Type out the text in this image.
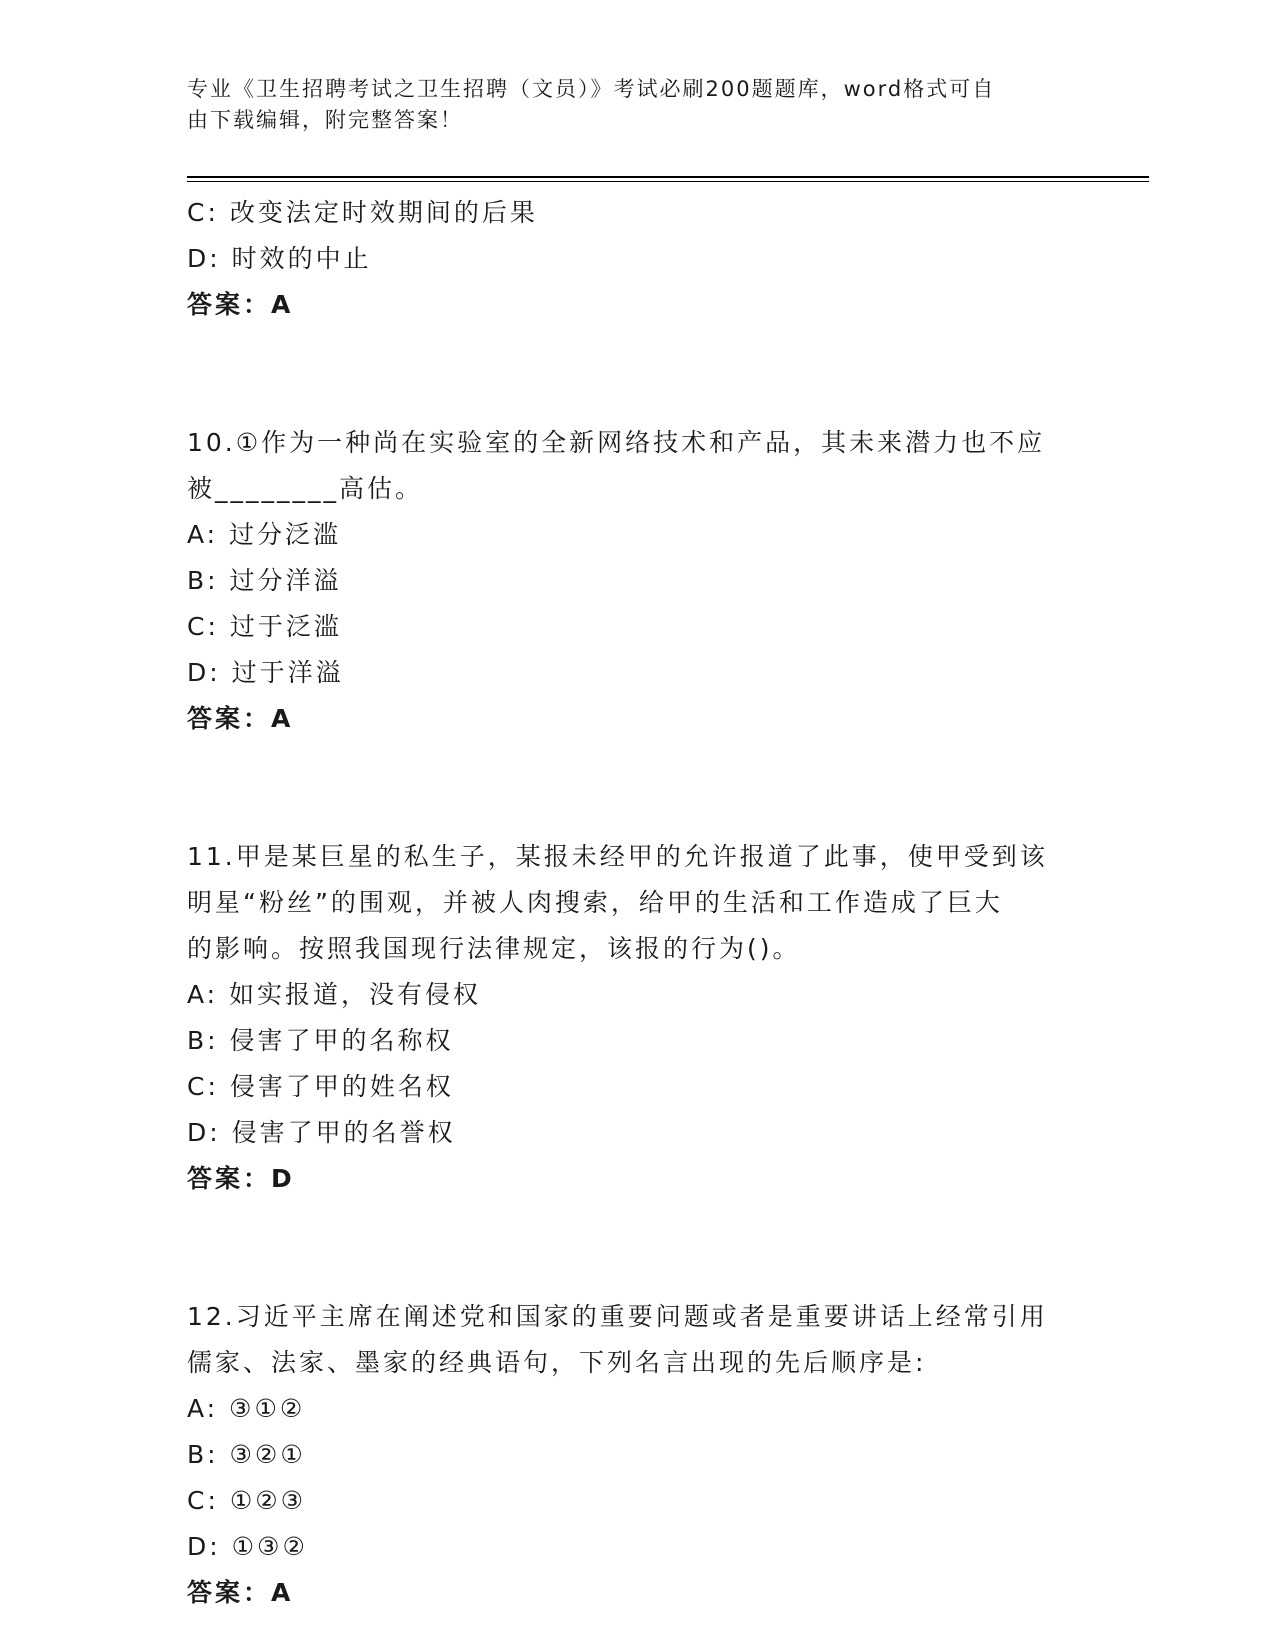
专业《卫生招聘考试之卫生招聘（文员）》考试必刷200题题库，word格式可自
由下载编辑，附完整答案！
C: 改变法定时效期间的后果
D: 时效的中止
答案：A
10.①作为一种尚在实验室的全新网络技术和产品，其未来潜力也不应
被________高估。
A: 过分泛滥
B: 过分洋溢
C: 过于泛滥
D: 过于洋溢
答案：A
11.甲是某巨星的私生子，某报未经甲的允许报道了此事，使甲受到该
明星“粉丝”的围观，并被人肉搜索，给甲的生活和工作造成了巨大
的影响。按照我国现行法律规定，该报的行为()。
A: 如实报道，没有侵权
B: 侵害了甲的名称权
C: 侵害了甲的姓名权
D: 侵害了甲的名誉权
答案：D
12.习近平主席在阐述党和国家的重要问题或者是重要讲话上经常引用
儒家、法家、墨家的经典语句，下列名言出现的先后顺序是:
A: ③①②
B: ③②①
C: ①②③
D: ①③②
答案：A
